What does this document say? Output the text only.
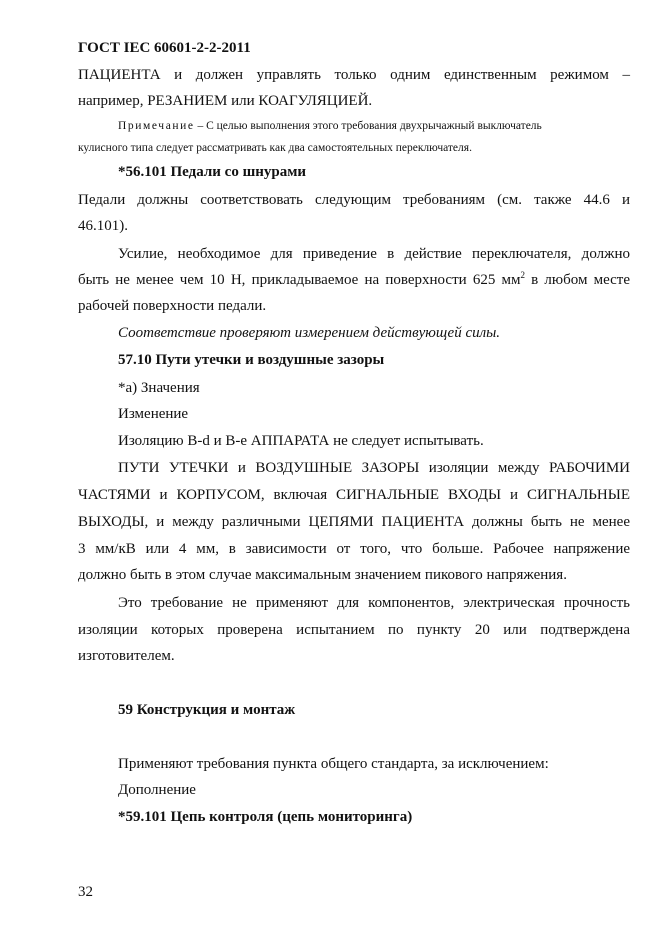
ГОСТ IEC 60601-2-2-2011
ПАЦИЕНТА и должен управлять только одним единственным режимом –
например, РЕЗАНИЕМ или КОАГУЛЯЦИЕЙ.
Примечание – С целью выполнения этого требования двухрычажный выключатель
кулисного типа следует рассматривать как два самостоятельных переключателя.
*56.101 Педали со шнурами
Педали должны соответствовать следующим требованиям (см. также 44.6 и
46.101).
Усилие, необходимое для приведение в действие переключателя, должно
быть не менее чем 10 Н, прикладываемое на поверхности 625 $мм^2$ в любом месте
рабочей поверхности педали.
Соответствие проверяют измерением действующей силы.
57.10 Пути утечки и воздушные зазоры
*а) Значения
Изменение
Изоляцию B-d и В-е АППАРАТА не следует испытывать.
ПУТИ УТЕЧКИ и ВОЗДУШНЫЕ ЗАЗОРЫ изоляции между РАБОЧИМИ
ЧАСТЯМИ и КОРПУСОМ, включая СИГНАЛЬНЫЕ ВХОДЫ и СИГНАЛЬНЫЕ
ВЫХОДЫ, и между различными ЦЕПЯМИ ПАЦИЕНТА должны быть не менее
3 мм/кВ или 4 мм, в зависимости от того, что больше. Рабочее напряжение
должно быть в этом случае максимальным значением пикового напряжения.
Это требование не применяют для компонентов, электрическая прочность
изоляции которых проверена испытанием по пункту 20 или подтверждена
изготовителем.
59 Конструкция и монтаж
Применяют требования пункта общего стандарта, за исключением:
Дополнение
*59.101 Цепь контроля (цепь мониторинга)
32
